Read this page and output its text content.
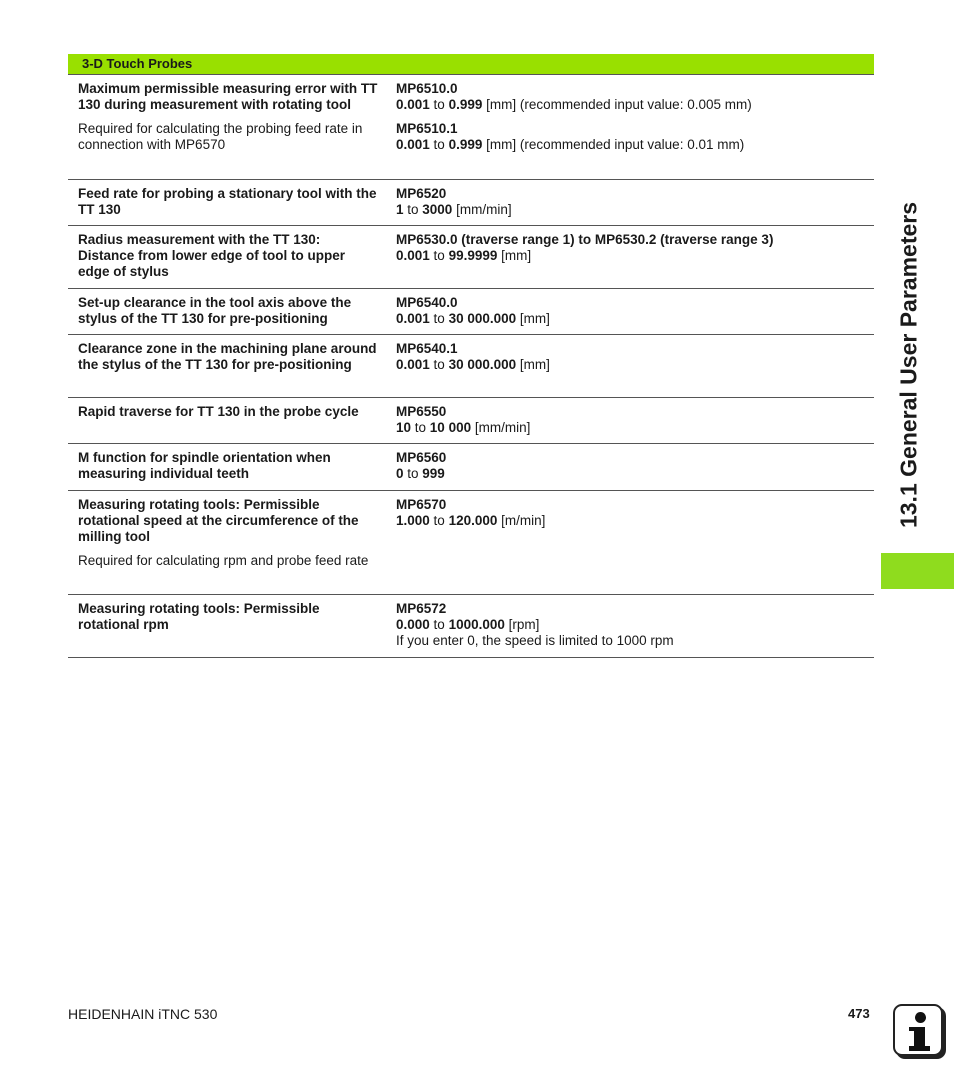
3-D Touch Probes
Maximum permissible measuring error with TT 130 during measurement with rotating tool
Required for calculating the probing feed rate in connection with MP6570
MP6510.0
0.001 to 0.999 [mm] (recommended input value: 0.005 mm)
MP6510.1
0.001 to 0.999 [mm] (recommended input value: 0.01 mm)
Feed rate for probing a stationary tool with the TT 130
MP6520
1 to 3000 [mm/min]
Radius measurement with the TT 130: Distance from lower edge of tool to upper edge of stylus
MP6530.0 (traverse range 1) to MP6530.2 (traverse range 3)
0.001 to 99.9999 [mm]
Set-up clearance in the tool axis above the stylus of the TT 130 for pre-positioning
MP6540.0
0.001 to 30 000.000 [mm]
Clearance zone in the machining plane around the stylus of the TT 130 for pre-positioning
MP6540.1
0.001 to 30 000.000 [mm]
Rapid traverse for TT 130 in the probe cycle	MP6550
10 to 10 000 [mm/min]
M function for spindle orientation when measuring individual teeth
MP6560
0 to 999
Measuring rotating tools: Permissible rotational speed at the circumference of the milling tool
Required for calculating rpm and probe feed rate
MP6570
1.000 to 120.000 [m/min]
Measuring rotating tools: Permissible rotational rpm
MP6572
0.000 to 1000.000 [rpm]
If you enter 0, the speed is limited to 1000 rpm
13.1 General User Parameters
HEIDENHAIN iTNC 530	473
